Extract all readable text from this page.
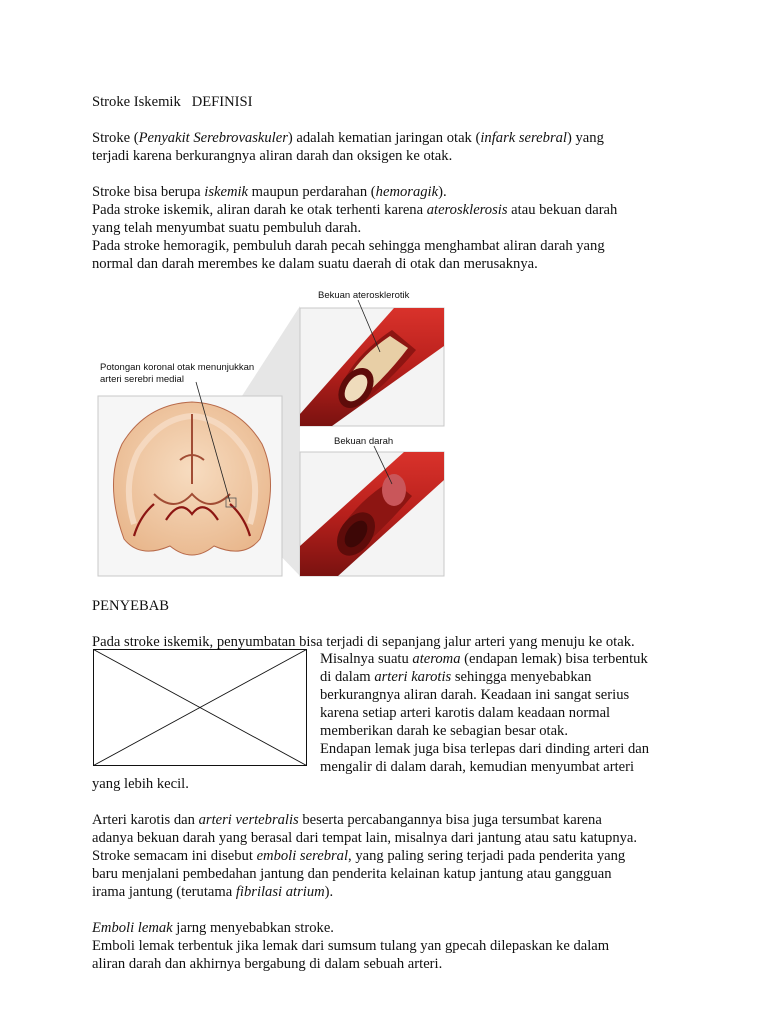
Stroke Iskemik   DEFINISI

Stroke (Penyakit Serebrovaskuler) adalah kematian jaringan otak (infark serebral) yang
terjadi karena berkurangnya aliran darah dan oksigen ke otak.

Stroke bisa berupa iskemik maupun perdarahan (hemoragik).
Pada stroke iskemik, aliran darah ke otak terhenti karena aterosklerosis atau bekuan darah
yang telah menyumbat suatu pembuluh darah.
Pada stroke hemoragik, pembuluh darah pecah sehingga menghambat aliran darah yang
normal dan darah merembes ke dalam suatu daerah di otak dan merusaknya.

Bekuan aterosklerotik
Potongan koronal otak menunjukkan
arteri serebri medial
Bekuan darah

PENYEBAB

Pada stroke iskemik, penyumbatan bisa terjadi di sepanjang jalur arteri yang menuju ke otak.

Misalnya suatu ateroma (endapan lemak) bisa terbentuk
di dalam arteri karotis sehingga menyebabkan
berkurangnya aliran darah. Keadaan ini sangat serius
karena setiap arteri karotis dalam keadaan normal
memberikan darah ke sebagian besar otak.
Endapan lemak juga bisa terlepas dari dinding arteri dan
mengalir di dalam darah, kemudian menyumbat arteri

yang lebih kecil.

Arteri karotis dan arteri vertebralis beserta percabangannya bisa juga tersumbat karena
adanya bekuan darah yang berasal dari tempat lain, misalnya dari jantung atau satu katupnya.
Stroke semacam ini disebut emboli serebral, yang paling sering terjadi pada penderita yang
baru menjalani pembedahan jantung dan penderita kelainan katup jantung atau gangguan
irama jantung (terutama fibrilasi atrium).

Emboli lemak jarng menyebabkan stroke.
Emboli lemak terbentuk jika lemak dari sumsum tulang yan gpecah dilepaskan ke dalam
aliran darah dan akhirnya bergabung di dalam sebuah arteri.
